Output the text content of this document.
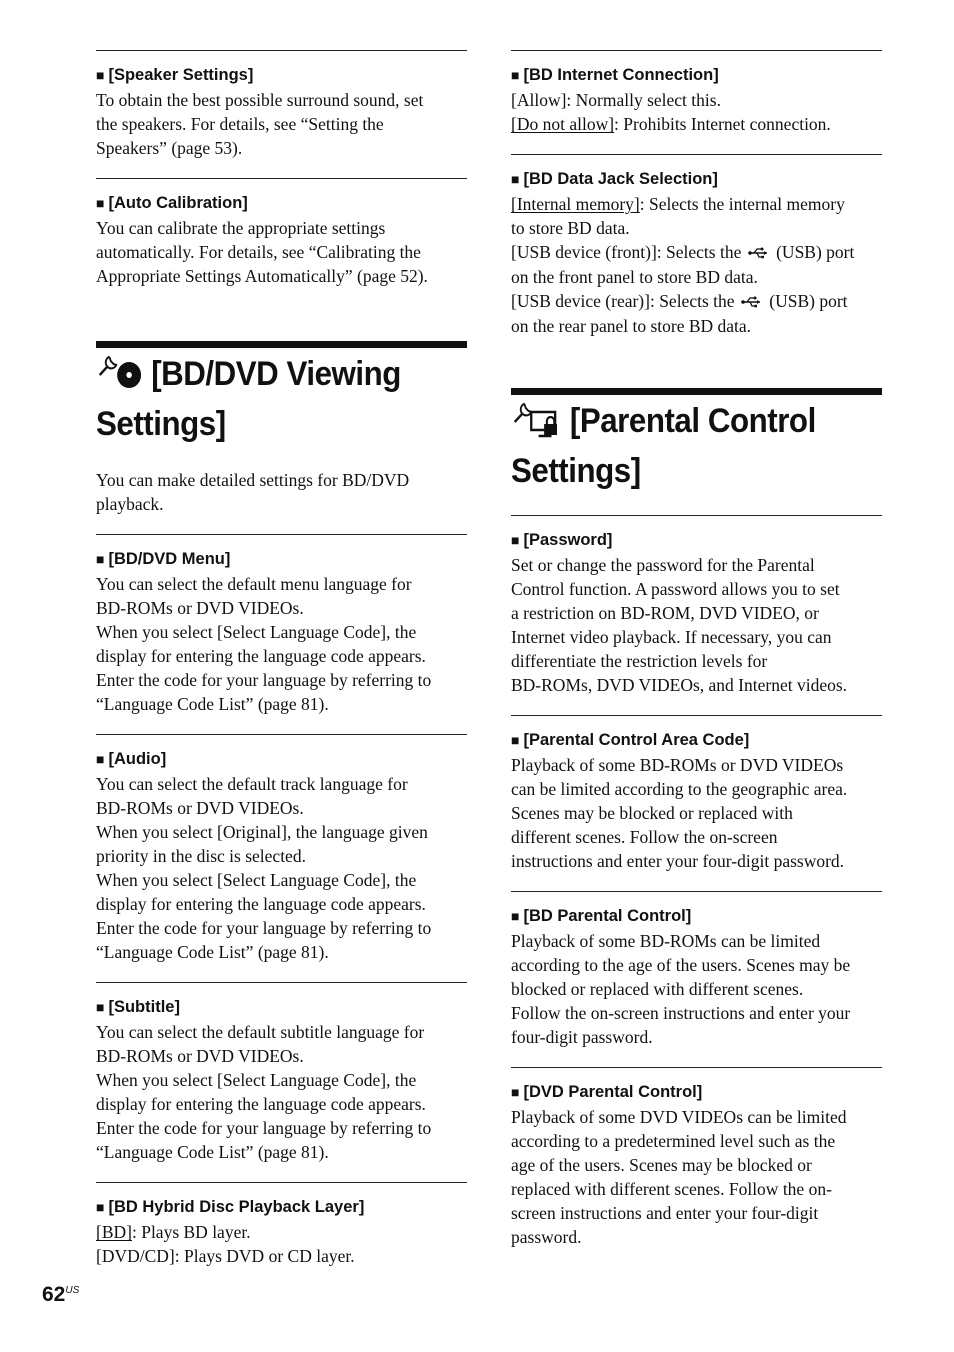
■ [Speaker Settings]

To obtain the best possible surround sound, set

the speakers. For details, see “Setting the

Speakers” (page 53).

■ [Auto Calibration]

You can calibrate the appropriate settings

automatically. For details, see “Calibrating the

Appropriate Settings Automatically” (page 52).

[BD/DVD Viewing
Settings]

You can make detailed settings for BD/DVD

playback.

■ [BD/DVD Menu]

You can select the default menu language for

BD-ROMs or DVD VIDEOs.

When you select [Select Language Code], the

display for entering the language code appears.

Enter the code for your language by referring to

“Language Code List” (page 81).

■ [Audio]

You can select the default track language for

BD-ROMs or DVD VIDEOs.

When you select [Original], the language given

priority in the disc is selected.

When you select [Select Language Code], the

display for entering the language code appears.

Enter the code for your language by referring to

“Language Code List” (page 81).

■ [Subtitle]

You can select the default subtitle language for

BD-ROMs or DVD VIDEOs.

When you select [Select Language Code], the

display for entering the language code appears.

Enter the code for your language by referring to

“Language Code List” (page 81).

■ [BD Hybrid Disc Playback Layer]

[BD]: Plays BD layer.

[DVD/CD]: Plays DVD or CD layer.

■ [BD Internet Connection]

[Allow]: Normally select this.

[Do not allow]: Prohibits Internet connection.

■ [BD Data Jack Selection]

[Internal memory]: Selects the internal memory

to store BD data.

[USB device (front)]: Selects the (USB) port

on the front panel to store BD data.

[USB device (rear)]: Selects the (USB) port

on the rear panel to store BD data.

[Parental Control
Settings]
■ [Password]

Set or change the password for the Parental

Control function. A password allows you to set

a restriction on BD-ROM, DVD VIDEO, or

Internet video playback. If necessary, you can

differentiate the restriction levels for

BD-ROMs, DVD VIDEOs, and Internet videos.

■ [Parental Control Area Code]

Playback of some BD-ROMs or DVD VIDEOs

can be limited according to the geographic area.

Scenes may be blocked or replaced with

different scenes. Follow the on-screen

instructions and enter your four-digit password.

■ [BD Parental Control]

Playback of some BD-ROMs can be limited

according to the age of the users. Scenes may be

blocked or replaced with different scenes.

Follow the on-screen instructions and enter your

four-digit password.

■ [DVD Parental Control]

Playback of some DVD VIDEOs can be limited

according to a predetermined level such as the

age of the users. Scenes may be blocked or

replaced with different scenes. Follow the on-

screen instructions and enter your four-digit

password.

$62^{US}$
